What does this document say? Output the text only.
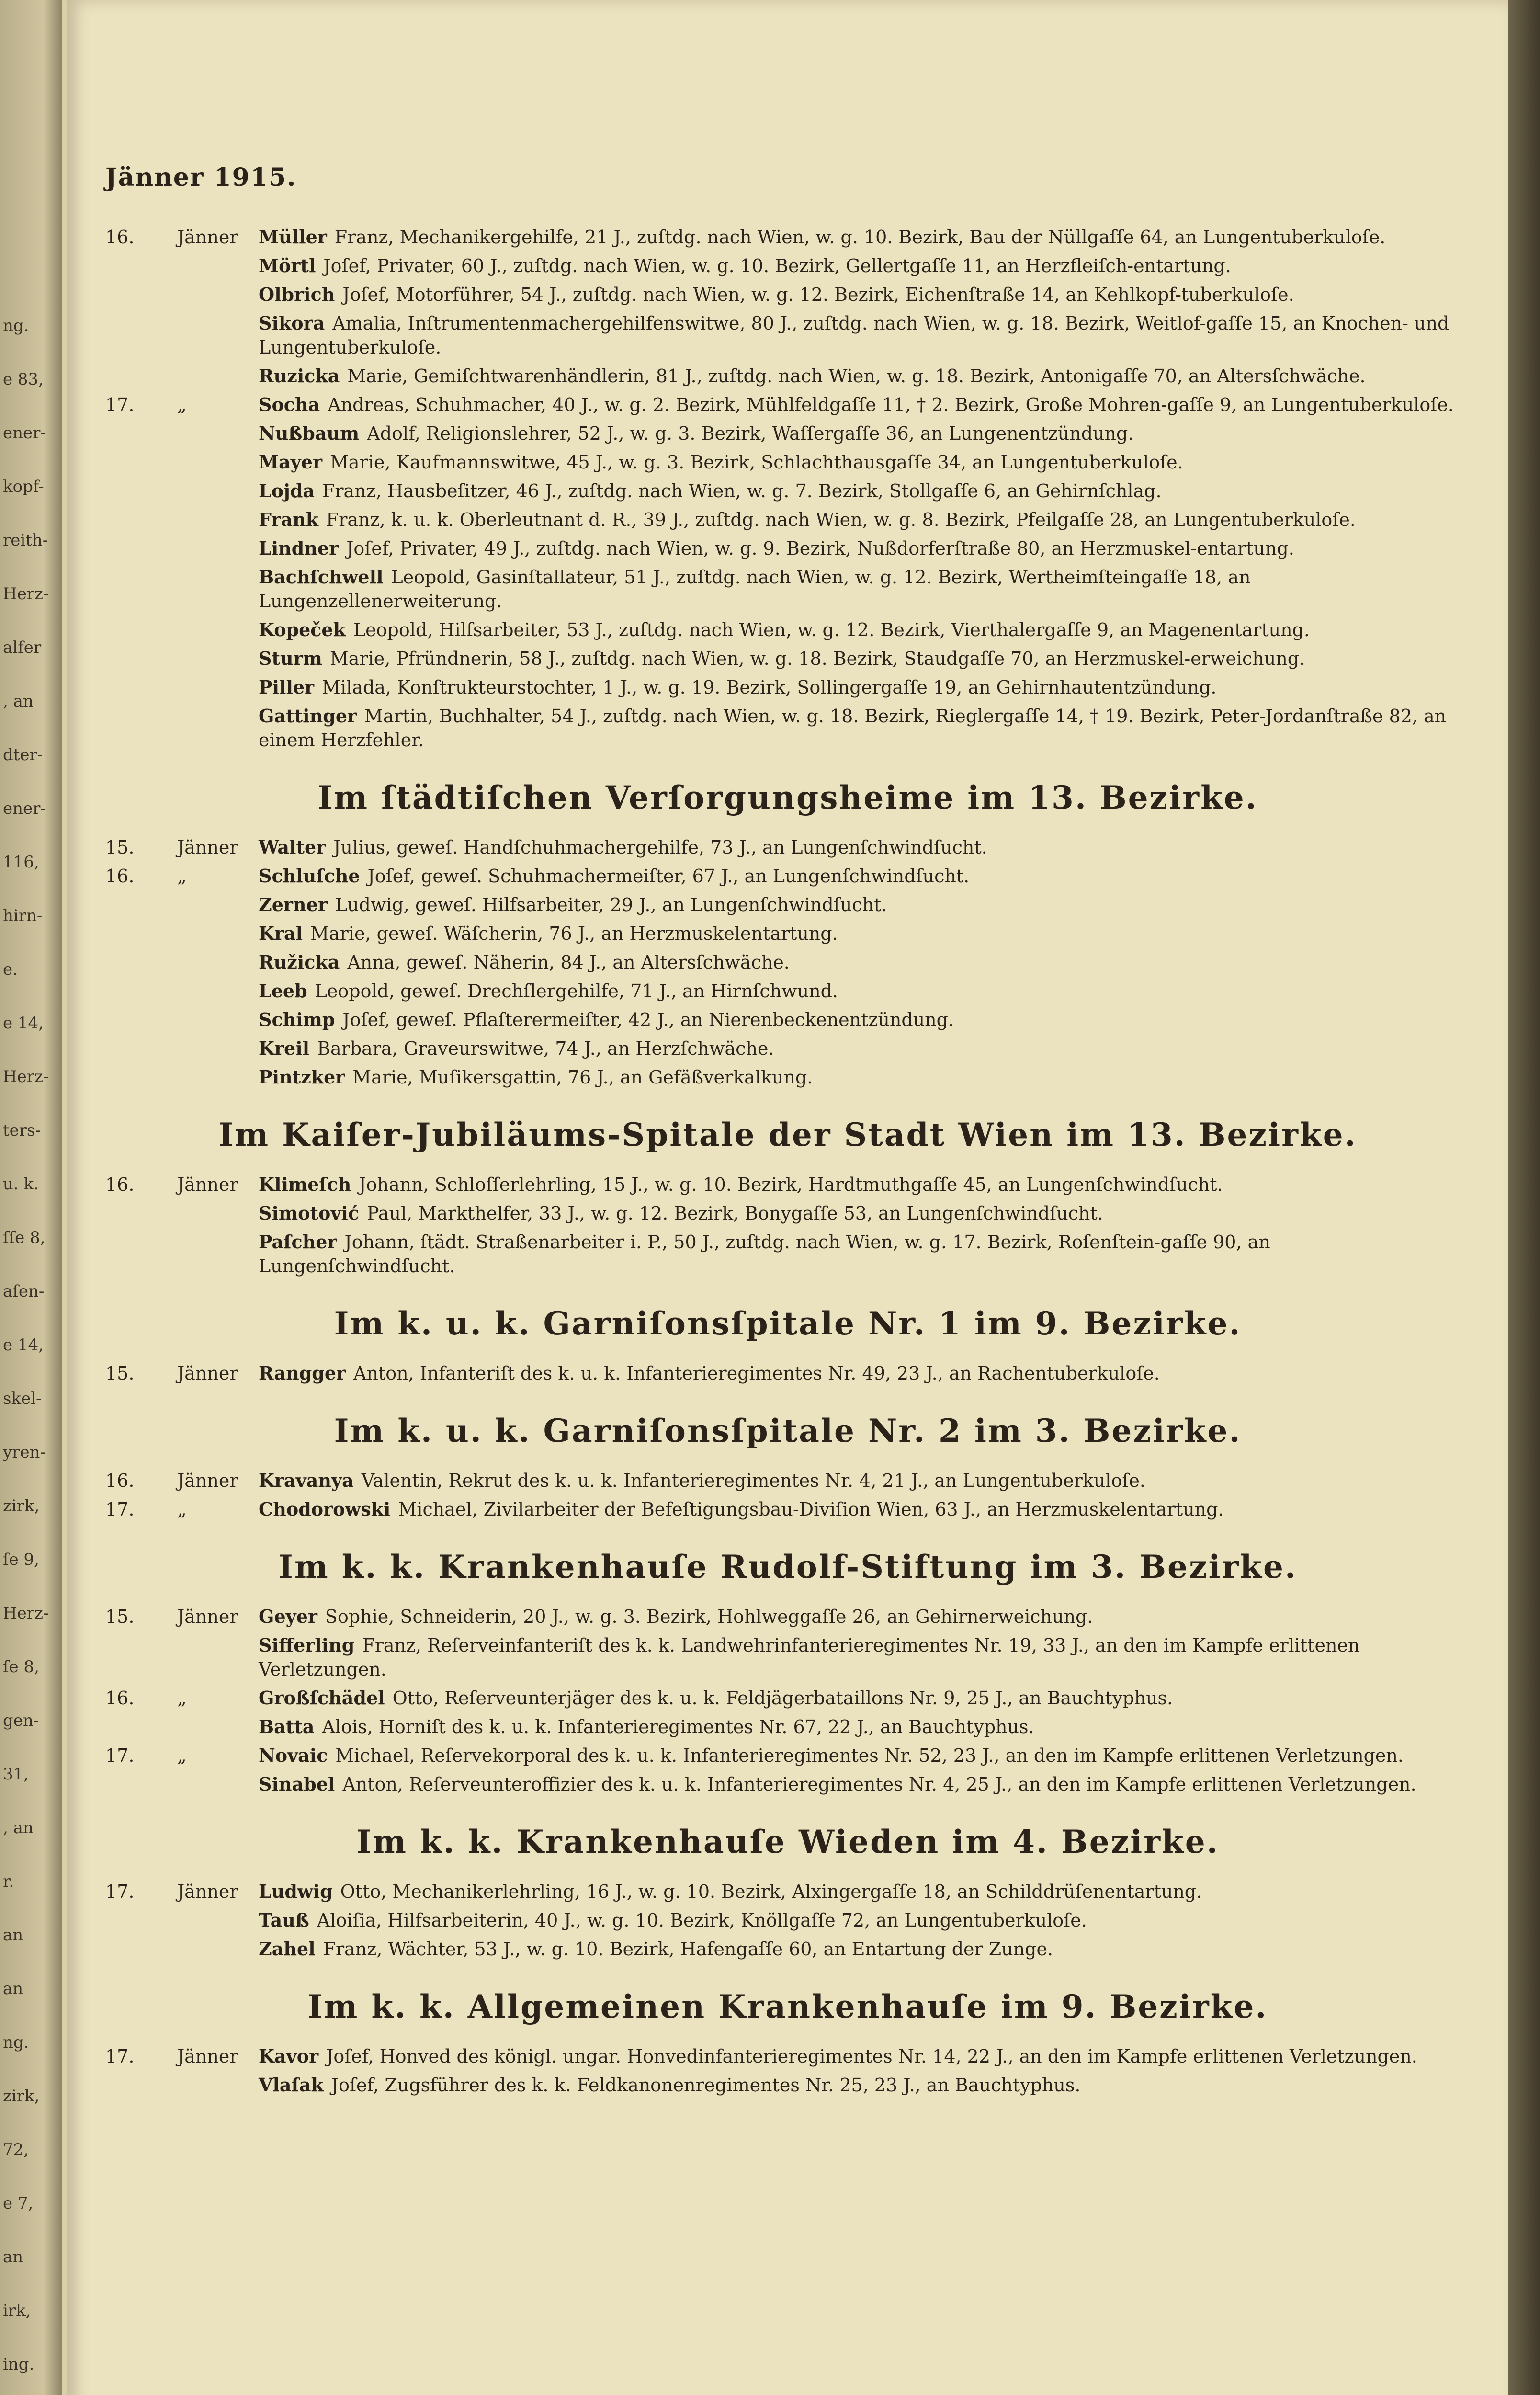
ng.
e 83,
ener-
kopf-
reith-
Herz-
alfer
, an
dter-
ener-
116,
hirn-
e.
e 14,
Herz-
ters-
u. k.
ſſe 8,
aſen-
e 14,
skel-
yren-
zirk,
ſe 9,
Herz-
ſe 8,
gen-
31,
, an
r.
an
an
ng.
zirk,
72,
e 7,
an
irk,
ing.
Jänner 1915.
16.	Jänner	Müller Franz, Mechanikergehilfe, 21 J., zuſtdg. nach Wien, w. g. 10. Bezirk, Bau der Nüllgaſſe 64, an Lungentuberkuloſe.
Mörtl Joſef, Privater, 60 J., zuſtdg. nach Wien, w. g. 10. Bezirk, Gellertgaſſe 11, an Herzfleiſch-entartung.
Olbrich Joſef, Motorführer, 54 J., zuſtdg. nach Wien, w. g. 12. Bezirk, Eichenſtraße 14, an Kehlkopf-tuberkuloſe.
Sikora Amalia, Inſtrumentenmachergehilfenswitwe, 80 J., zuſtdg. nach Wien, w. g. 18. Bezirk, Weitlof-gaſſe 15, an Knochen- und Lungentuberkuloſe.
Ruzicka Marie, Gemiſchtwarenhändlerin, 81 J., zuſtdg. nach Wien, w. g. 18. Bezirk, Antonigaſſe 70, an Altersſchwäche.
17.	„	Socha Andreas, Schuhmacher, 40 J., w. g. 2. Bezirk, Mühlfeldgaſſe 11, † 2. Bezirk, Große Mohren-gaſſe 9, an Lungentuberkuloſe.
Nußbaum Adolf, Religionslehrer, 52 J., w. g. 3. Bezirk, Waſſergaſſe 36, an Lungenentzündung.
Mayer Marie, Kaufmannswitwe, 45 J., w. g. 3. Bezirk, Schlachthausgaſſe 34, an Lungentuberkuloſe.
Lojda Franz, Hausbeſitzer, 46 J., zuſtdg. nach Wien, w. g. 7. Bezirk, Stollgaſſe 6, an Gehirnſchlag.
Frank Franz, k. u. k. Oberleutnant d. R., 39 J., zuſtdg. nach Wien, w. g. 8. Bezirk, Pfeilgaſſe 28, an Lungentuberkuloſe.
Lindner Joſef, Privater, 49 J., zuſtdg. nach Wien, w. g. 9. Bezirk, Nußdorferſtraße 80, an Herzmuskel-entartung.
Bachſchwell Leopold, Gasinſtallateur, 51 J., zuſtdg. nach Wien, w. g. 12. Bezirk, Wertheimſteingaſſe 18, an Lungenzellenerweiterung.
Kopeček Leopold, Hilfsarbeiter, 53 J., zuſtdg. nach Wien, w. g. 12. Bezirk, Vierthalergaſſe 9, an Magenentartung.
Sturm Marie, Pfründnerin, 58 J., zuſtdg. nach Wien, w. g. 18. Bezirk, Staudgaſſe 70, an Herzmuskel-erweichung.
Piller Milada, Konſtrukteurstochter, 1 J., w. g. 19. Bezirk, Sollingergaſſe 19, an Gehirnhautentzündung.
Gattinger Martin, Buchhalter, 54 J., zuſtdg. nach Wien, w. g. 18. Bezirk, Rieglergaſſe 14, † 19. Bezirk, Peter-Jordanſtraße 82, an einem Herzfehler.
Im ſtädtiſchen Verſorgungsheime im 13. Bezirke.
15.	Jänner	Walter Julius, geweſ. Handſchuhmachergehilfe, 73 J., an Lungenſchwindſucht.
16.	„	Schluſche Joſef, geweſ. Schuhmachermeiſter, 67 J., an Lungenſchwindſucht.
Zerner Ludwig, geweſ. Hilfsarbeiter, 29 J., an Lungenſchwindſucht.
Kral Marie, geweſ. Wäſcherin, 76 J., an Herzmuskelentartung.
Ružicka Anna, geweſ. Näherin, 84 J., an Altersſchwäche.
Leeb Leopold, geweſ. Drechſlergehilfe, 71 J., an Hirnſchwund.
Schimp Joſef, geweſ. Pflaſterermeiſter, 42 J., an Nierenbeckenentzündung.
Kreil Barbara, Graveurswitwe, 74 J., an Herzſchwäche.
Pintzker Marie, Muſikersgattin, 76 J., an Gefäßverkalkung.
Im Kaiſer-Jubiläums-Spitale der Stadt Wien im 13. Bezirke.
16.	Jänner	Klimeſch Johann, Schloſſerlehrling, 15 J., w. g. 10. Bezirk, Hardtmuthgaſſe 45, an Lungenſchwindſucht.
Simotović Paul, Markthelfer, 33 J., w. g. 12. Bezirk, Bonygaſſe 53, an Lungenſchwindſucht.
Paſcher Johann, ſtädt. Straßenarbeiter i. P., 50 J., zuſtdg. nach Wien, w. g. 17. Bezirk, Roſenſtein-gaſſe 90, an Lungenſchwindſucht.
Im k. u. k. Garniſonsſpitale Nr. 1 im 9. Bezirke.
15.	Jänner	Rangger Anton, Infanteriſt des k. u. k. Infanterieregimentes Nr. 49, 23 J., an Rachentuberkuloſe.
Im k. u. k. Garniſonsſpitale Nr. 2 im 3. Bezirke.
16.	Jänner	Kravanya Valentin, Rekrut des k. u. k. Infanterieregimentes Nr. 4, 21 J., an Lungentuberkuloſe.
17.	„	Chodorowski Michael, Zivilarbeiter der Befeſtigungsbau-Diviſion Wien, 63 J., an Herzmuskelentartung.
Im k. k. Krankenhauſe Rudolf-Stiftung im 3. Bezirke.
15.	Jänner	Geyer Sophie, Schneiderin, 20 J., w. g. 3. Bezirk, Hohlweggaſſe 26, an Gehirnerweichung.
Sifferling Franz, Reſerveinfanteriſt des k. k. Landwehrinfanterieregimentes Nr. 19, 33 J., an den im Kampfe erlittenen Verletzungen.
16.	„	Großſchädel Otto, Reſervеunterjäger des k. u. k. Feldjägerbataillons Nr. 9, 25 J., an Bauchtyphus.
Batta Alois, Horniſt des k. u. k. Infanterieregimentes Nr. 67, 22 J., an Bauchtyphus.
17.	„	Novaic Michael, Reſervekorporal des k. u. k. Infanterieregimentes Nr. 52, 23 J., an den im Kampfe erlittenen Verletzungen.
Sinabel Anton, Reſerveunteroffizier des k. u. k. Infanterieregimentes Nr. 4, 25 J., an den im Kampfe erlittenen Verletzungen.
Im k. k. Krankenhauſe Wieden im 4. Bezirke.
17.	Jänner	Ludwig Otto, Mechanikerlehrling, 16 J., w. g. 10. Bezirk, Alxingergaſſe 18, an Schilddrüſenentartung.
Tauß Aloiſia, Hilfsarbeiterin, 40 J., w. g. 10. Bezirk, Knöllgaſſe 72, an Lungentuberkuloſe.
Zahel Franz, Wächter, 53 J., w. g. 10. Bezirk, Hafengaſſe 60, an Entartung der Zunge.
Im k. k. Allgemeinen Krankenhauſe im 9. Bezirke.
17.	Jänner	Kavor Joſef, Honved des königl. ungar. Honvedinfanterieregimentes Nr. 14, 22 J., an den im Kampfe erlittenen Verletzungen.
Vlaſak Joſef, Zugsführer des k. k. Feldkanonenregimentes Nr. 25, 23 J., an Bauchtyphus.
